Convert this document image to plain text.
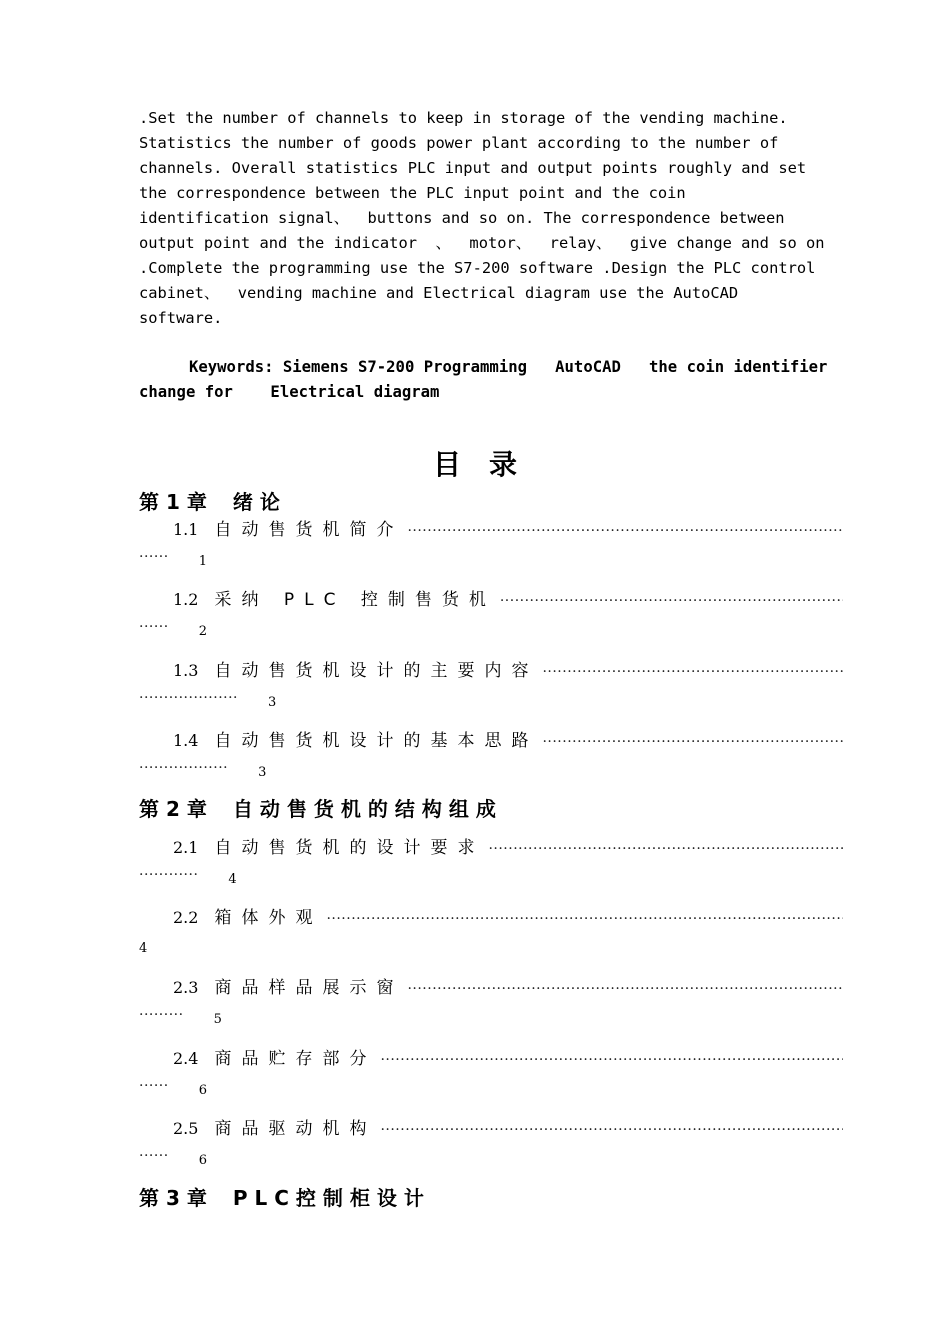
.Set the number of channels to keep in storage of the vending machine.
Statistics the number of goods power plant according to the number of
channels. Overall statistics PLC input and output points roughly and set
the correspondence between the PLC input point and the coin
identification signal、  buttons and so on. The correspondence between
output point and the indicator  、  motor、  relay、  give change and so on
.Complete the programming use the S7-200 software .Design the PLC control
cabinet、  vending machine and Electrical diagram use the AutoCAD
software.
Keywords: Siemens S7-200 Programming   AutoCAD   the coin identifier
change for    Electrical diagram
目录
第 1 章 绪论
1.1 自动售货机简介
·····
······ 1
1.2 采纳 PLC 控制售货机
·····
······ 2
1.3 自动售货机设计的主要内容
·····
···················· 3
1.4 自动售货机设计的基本思路
·····
·················· 3
第 2 章 自动售货机的结构组成
2.1 自动售货机的设计要求
·····
············ 4
2.2 箱体外观
·····
4
2.3 商品样品展示窗
·····
········· 5
2.4 商品贮存部分
·····
······ 6
2.5 商品驱动机构
·····
······ 6
第 3 章 PLC控制柜设计
